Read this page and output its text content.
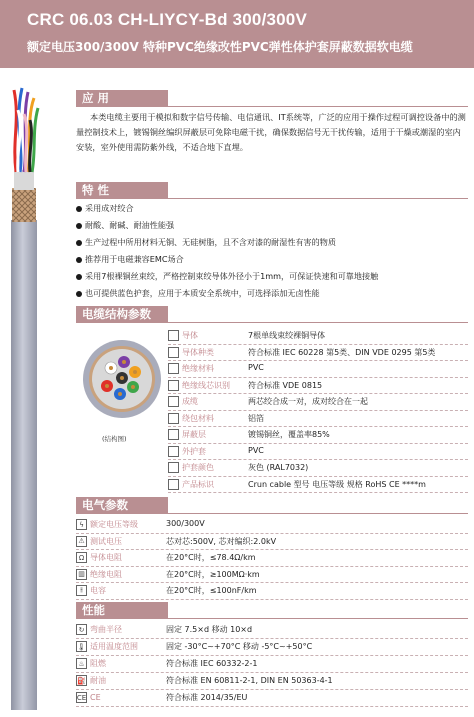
CRC 06.03 CH-LIYCY-Bd 300/300V
额定电压300/300V 特种PVC绝缘改性PVC弹性体护套屏蔽数据软电缆
应 用

本类电缆主要用于模拟和数字信号传输、电信通讯、IT系统等，广泛的应用于操作过程可调控设备中的测量控制技术上，镀锡铜丝编织屏蔽层可免除电磁干扰，确保数据信号无干扰传输，适用于干燥或潮湿的室内安装，室外使用需防紫外线，不适合地下直埋。

特 性
采用成对绞合
耐酸、耐碱、耐油性能强
生产过程中所用材料无铜、无硅树脂，且不含对漆的耐湿性有害的物质
推荐用于电磁兼容EMC场合
采用7根裸铜丝束绞，严格控制束绞导体外径小于1mm，可保证快速和可靠地接触
也可提供蓝色护套，应用于本质安全系统中，可选择添加无卤性能
电缆结构参数
(结构图)
导体	7根单线束绞裸铜导体
导体种类	符合标准 IEC 60228 第5类、DIN VDE 0295 第5类
绝缘材料	PVC
绝缘线芯识别 符合标准 VDE 0815
成缆	两芯绞合成一对，成对绞合在一起
绕包材料	铝箔
屏蔽层	镀锡铜丝，覆盖率85%
外护套	PVC
护套颜色	灰色 (RAL7032)
产品标识	Crun cable 型号 电压等级 规格 RoHS CE ****m
电气参数
ϟ 额定电压等级	300/300V
⚠ 测试电压	芯对芯:500V, 芯对编织:2.0kV
Ω 导体电阻	在20°C时，≤78.4Ω/km
▥ 绝缘电阻	在20°C时，≥100MΩ·km
⫲ 电容	在20°C时，≤100nF/km
性能
↻ 弯曲半径	固定 7.5×d 移动 10×d
🌡 适用温度范围	固定 -30°C~+70°C 移动 -5°C~+50°C
♨ 阻燃	符合标准 IEC 60332-2-1
⛽ 耐油	符合标准 EN 60811-2-1, DIN EN 50363-4-1
CE CE	符合标准 2014/35/EU
